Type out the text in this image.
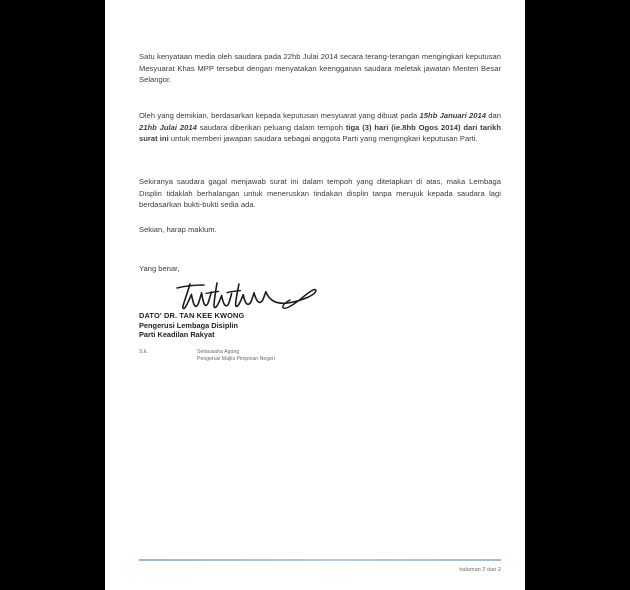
Satu kenyataan media oleh saudara pada 22hb Julai 2014 secara terang-terangan mengingkari keputusan Mesyuarat Khas MPP tersebut dengan menyatakan keengganan saudara meletak jawatan Menteri Besar Selangor.

Oleh yang demikian, berdasarkan kepada keputusan mesyuarat yang dibuat pada 15hb Januari 2014 dan 21hb Julai 2014 saudara diberikan peluang dalam tempoh tiga (3) hari (ie.8hb Ogos 2014) dari tarikh surat ini untuk memberi jawapan saudara sebagai anggota Parti yang mengingkari keputusan Parti.

Sekiranya saudara gagal menjawab surat ini dalam tempoh yang ditetapkan di atas, maka Lembaga Displin tidaklah berhalangan untuk meneruskan tindakan displin tanpa merujuk kepada saudara lagi berdasarkan bukti-bukti sedia ada.

Sekian, harap maklum.
Yang benar,
DATO' DR. TAN KEE KWONG
Pengerusi Lembaga Disiplin
Parti Keadilan Rakyat
S.k.	Setiausaha Agung
Pengerusi Majlis Pimpinan Negeri
halaman 2 dari 2
